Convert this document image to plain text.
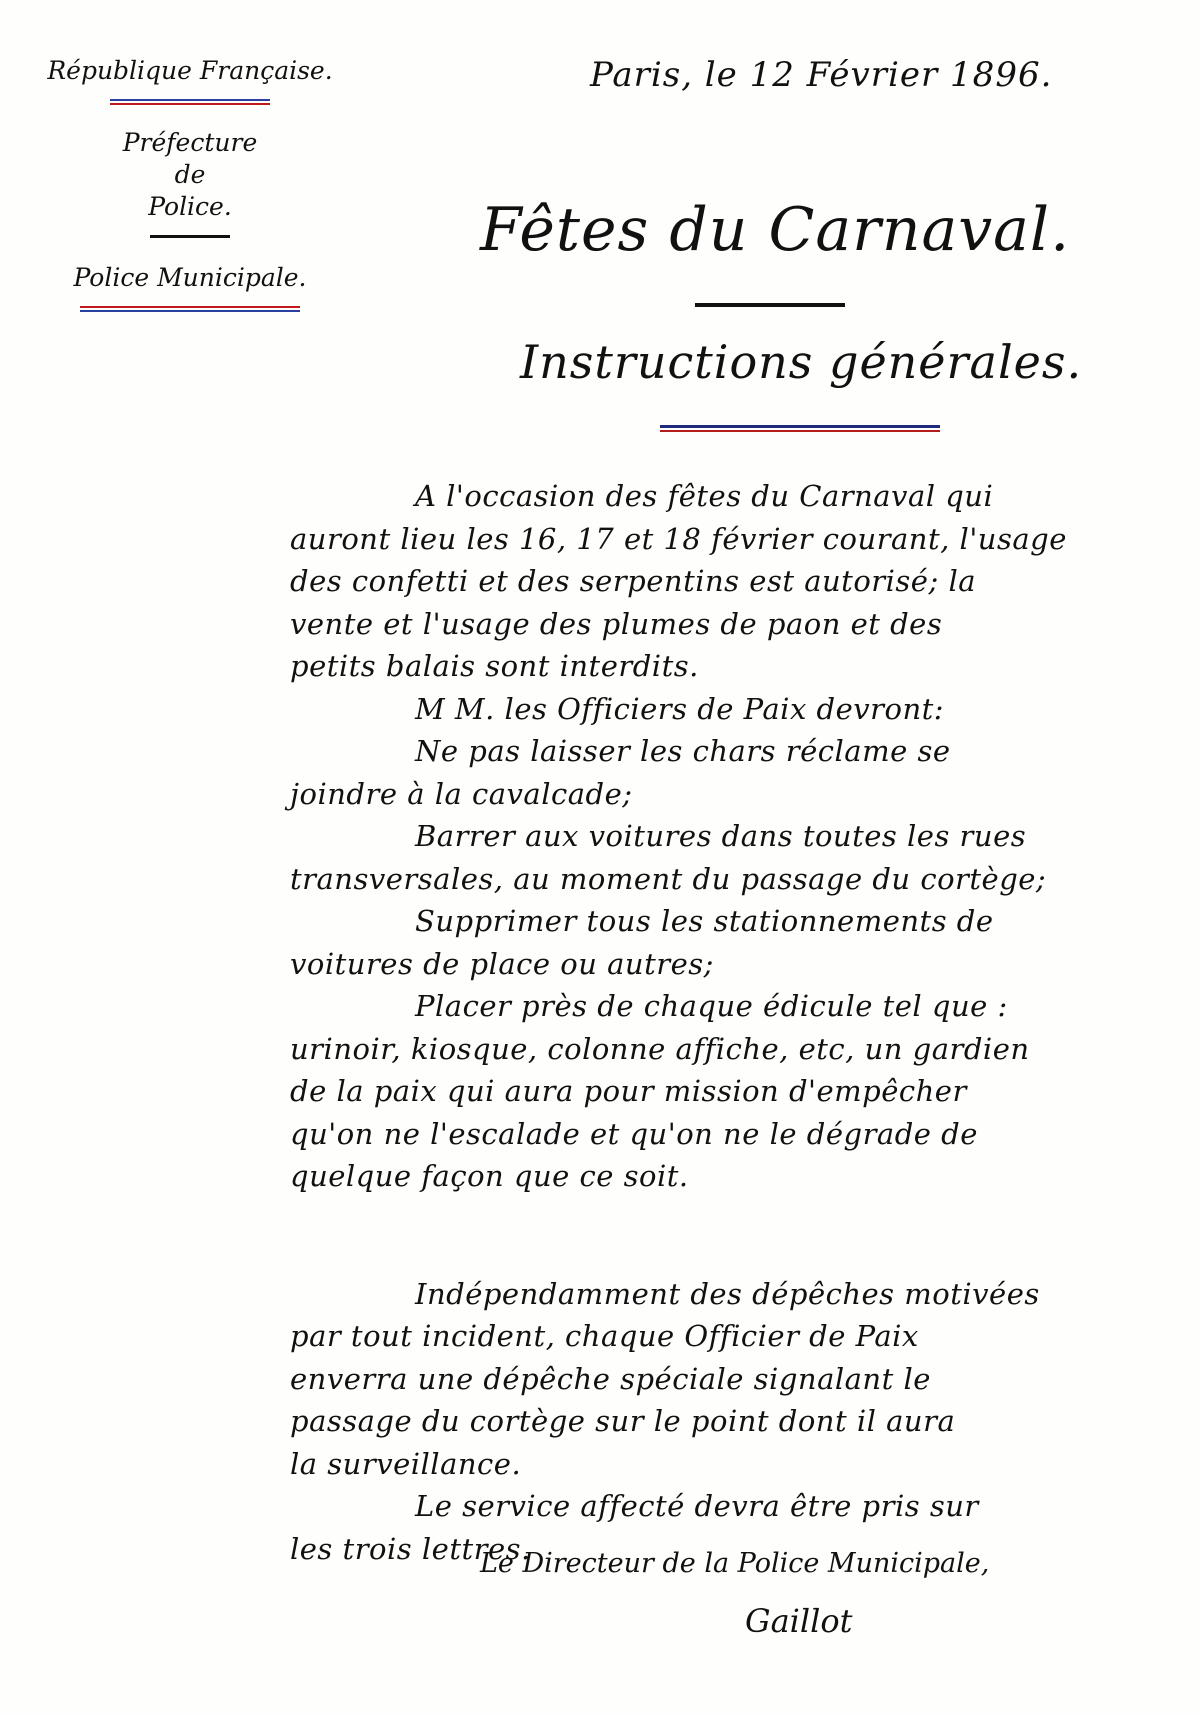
République Française.
Préfecture
de
Police.
Police Municipale.
Paris, le 12 Février 1896.
Fêtes du Carnaval.
Instructions générales.
A l'occasion des fêtes du Carnaval qui
auront lieu les 16, 17 et 18 février courant, l'usage
des confetti et des serpentins est autorisé; la
vente et l'usage des plumes de paon et des
petits balais sont interdits.
M M. les Officiers de Paix devront:
Ne pas laisser les chars réclame se
joindre à la cavalcade;
Barrer aux voitures dans toutes les rues
transversales, au moment du passage du cortège;
Supprimer tous les stationnements de
voitures de place ou autres;
Placer près de chaque édicule tel que :
urinoir, kiosque, colonne affiche, etc, un gardien
de la paix qui aura pour mission d'empêcher
qu'on ne l'escalade et qu'on ne le dégrade de
quelque façon que ce soit.
Indépendamment des dépêches motivées
par tout incident, chaque Officier de Paix
enverra une dépêche spéciale signalant le
passage du cortège sur le point dont il aura
la surveillance.
Le service affecté devra être pris sur
les trois lettres.
Le Directeur de la Police Municipale,
Gaillot
